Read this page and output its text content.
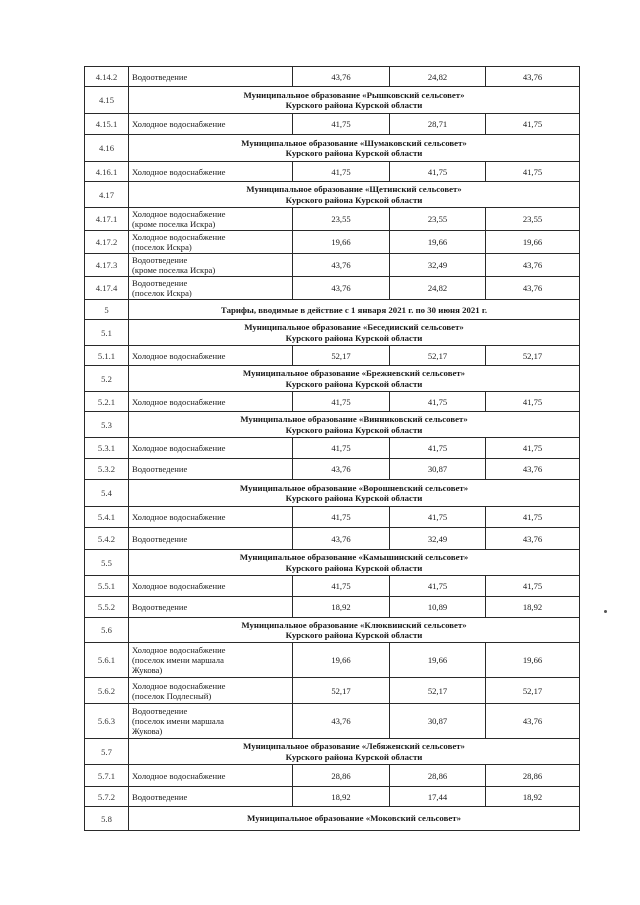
4.14.2	Водоотведение	43,76	24,82	43,76
4.15	Муниципальное образование «Рышковский сельсовет»
Курского района Курской области			
4.15.1	Холодное водоснабжение	41,75	28,71	41,75
4.16	Муниципальное образование «Шумаковский сельсовет»
Курского района Курской области			
4.16.1	Холодное водоснабжение	41,75	41,75	41,75
4.17	Муниципальное образование «Щетинский сельсовет»
Курского района Курской области			
4.17.1	Холодное водоснабжение
(кроме поселка Искра)	23,55	23,55	23,55
4.17.2	Холодное водоснабжение
(поселок Искра)	19,66	19,66	19,66
4.17.3	Водоотведение
(кроме поселка Искра)	43,76	32,49	43,76
4.17.4	Водоотведение
(поселок Искра)	43,76	24,82	43,76
5	Тарифы, вводимые в действие с 1 января 2021 г. по 30 июня 2021 г.			
5.1	Муниципальное образование «Беседииский сельсовет»
Курского района Курской области			
5.1.1	Холодное водоснабжение	52,17	52,17	52,17
5.2	Муниципальное образование «Брежневский сельсовет»
Курского района Курской области			
5.2.1	Холодное водоснабжение	41,75	41,75	41,75
5.3	Муниципальное образование «Винниковский сельсовет»
Курского района Курской области			
5.3.1	Холодное водоснабжение	41,75	41,75	41,75
5.3.2	Водоотведение	43,76	30,87	43,76
5.4	Муниципальное образование «Ворошневский сельсовет»
Курского района Курской области			
5.4.1	Холодное водоснабжение	41,75	41,75	41,75
5.4.2	Водоотведение	43,76	32,49	43,76
5.5	Муниципальное образование «Камышинский сельсовет»
Курского района Курской области			
5.5.1	Холодное водоснабжение	41,75	41,75	41,75
5.5.2	Водоотведение	18,92	10,89	18,92
5.6	Муниципальное образование «Клюквинский сельсовет»
Курского района Курской области			
5.6.1	Холодное водоснабжение
(поселок имени маршала
Жукова)	19,66	19,66	19,66
5.6.2	Холодное водоснабжение
(поселок Подлесный)	52,17	52,17	52,17
5.6.3	Водоотведение
(поселок имени маршала
Жукова)	43,76	30,87	43,76
5.7	Муниципальное образование «Лебяженский сельсовет»
Курского района Курской области			
5.7.1	Холодное водоснабжение	28,86	28,86	28,86
5.7.2	Водоотведение	18,92	17,44	18,92
5.8	Муниципальное образование «Моковский сельсовет»			
